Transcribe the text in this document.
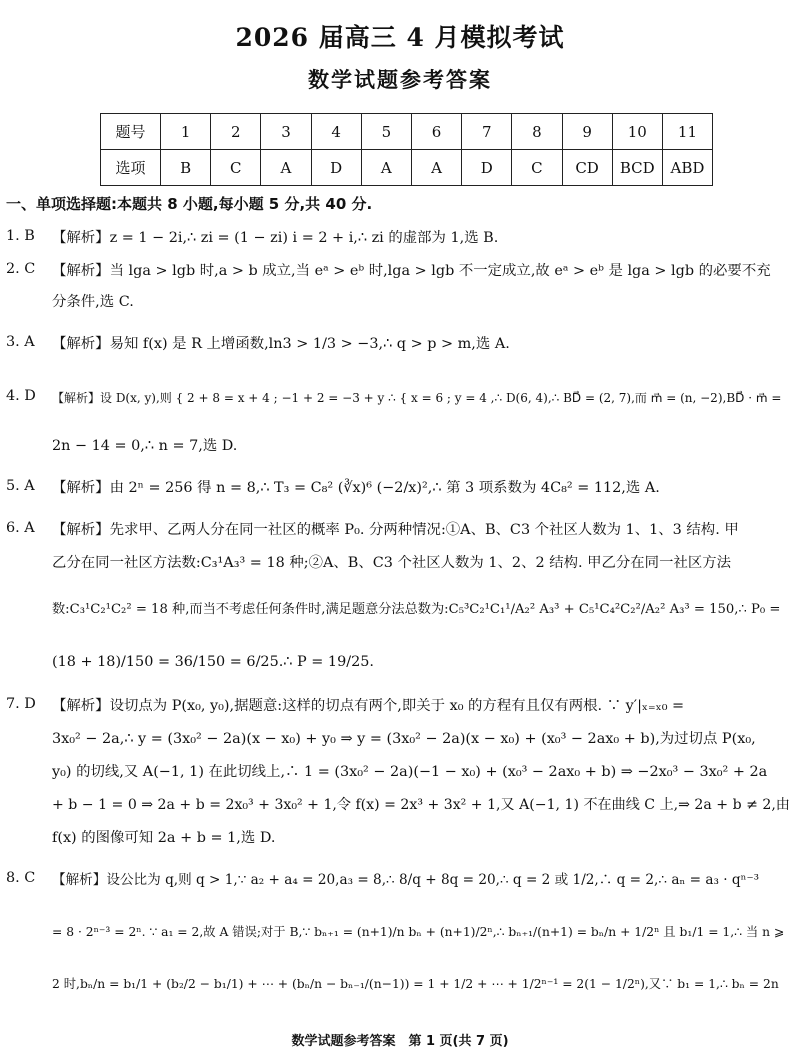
2026 届高三 4 月模拟考试
数学试题参考答案
题号	1	2	3	4	5	6	7	8	9	10	11
选项	B	C	A	D	A	A	D	C	CD	BCD	ABD
一、单项选择题:本题共 8 小题,每小题 5 分,共 40 分.
1. B 【解析】z = 1 − 2i,∴ zi = (1 − zi) i = 2 + i,∴ zi 的虚部为 1,选 B.
2. C 【解析】当 lga > lgb 时,a > b 成立,当 eᵃ > eᵇ 时,lga > lgb 不一定成立,故 eᵃ > eᵇ 是 lga > lgb 的必要不充
分条件,选 C.
3. A 【解析】易知 f(x) 是 R 上增函数,ln3 > 1/3 > −3,∴ q > p > m,选 A.
4. D 【解析】设 D(x, y),则 { 2 + 8 = x + 4 ; −1 + 2 = −3 + y ∴ { x = 6 ; y = 4 ,∴ D(6, 4),∴ BD⃗ = (2, 7),而 m⃗ = (n, −2),BD⃗ · m⃗ =
2n − 14 = 0,∴ n = 7,选 D.
5. A 【解析】由 2ⁿ = 256 得 n = 8,∴ T₃ = C₈² (∛x)⁶ (−2/x)²,∴ 第 3 项系数为 4C₈² = 112,选 A.
6. A 【解析】先求甲、乙两人分在同一社区的概率 P₀. 分两种情况:①A、B、C3 个社区人数为 1、1、3 结构. 甲
乙分在同一社区方法数:C₃¹A₃³ = 18 种;②A、B、C3 个社区人数为 1、2、2 结构. 甲乙分在同一社区方法
数:C₃¹C₂¹C₂² = 18 种,而当不考虑任何条件时,满足题意分法总数为:C₅³C₂¹C₁¹/A₂² A₃³ + C₅¹C₄²C₂²/A₂² A₃³ = 150,∴ P₀ =
(18 + 18)/150 = 36/150 = 6/25.∴ P = 19/25.
7. D 【解析】设切点为 P(x₀, y₀),据题意:这样的切点有两个,即关于 x₀ 的方程有且仅有两根. ∵ y′|ₓ₌ₓ₀ =
3x₀² − 2a,∴ y = (3x₀² − 2a)(x − x₀) + y₀ ⇒ y = (3x₀² − 2a)(x − x₀) + (x₀³ − 2ax₀ + b),为过切点 P(x₀,
y₀) 的切线,又 A(−1, 1) 在此切线上,∴ 1 = (3x₀² − 2a)(−1 − x₀) + (x₀³ − 2ax₀ + b) ⇒ −2x₀³ − 3x₀² + 2a
+ b − 1 = 0 ⇒ 2a + b = 2x₀³ + 3x₀² + 1,令 f(x) = 2x³ + 3x² + 1,又 A(−1, 1) 不在曲线 C 上,⇒ 2a + b ≠ 2,由
f(x) 的图像可知 2a + b = 1,选 D.
8. C 【解析】设公比为 q,则 q > 1,∵ a₂ + a₄ = 20,a₃ = 8,∴ 8/q + 8q = 20,∴ q = 2 或 1/2,∴ q = 2,∴ aₙ = a₃ · qⁿ⁻³
= 8 · 2ⁿ⁻³ = 2ⁿ. ∵ a₁ = 2,故 A 错误;对于 B,∵ bₙ₊₁ = (n+1)/n bₙ + (n+1)/2ⁿ,∴ bₙ₊₁/(n+1) = bₙ/n + 1/2ⁿ 且 b₁/1 = 1,∴ 当 n ⩾
2 时,bₙ/n = b₁/1 + (b₂/2 − b₁/1) + ⋯ + (bₙ/n − bₙ₋₁/(n−1)) = 1 + 1/2 + ⋯ + 1/2ⁿ⁻¹ = 2(1 − 1/2ⁿ),又∵ b₁ = 1,∴ bₙ = 2n
数学试题参考答案　第 1 页(共 7 页)
